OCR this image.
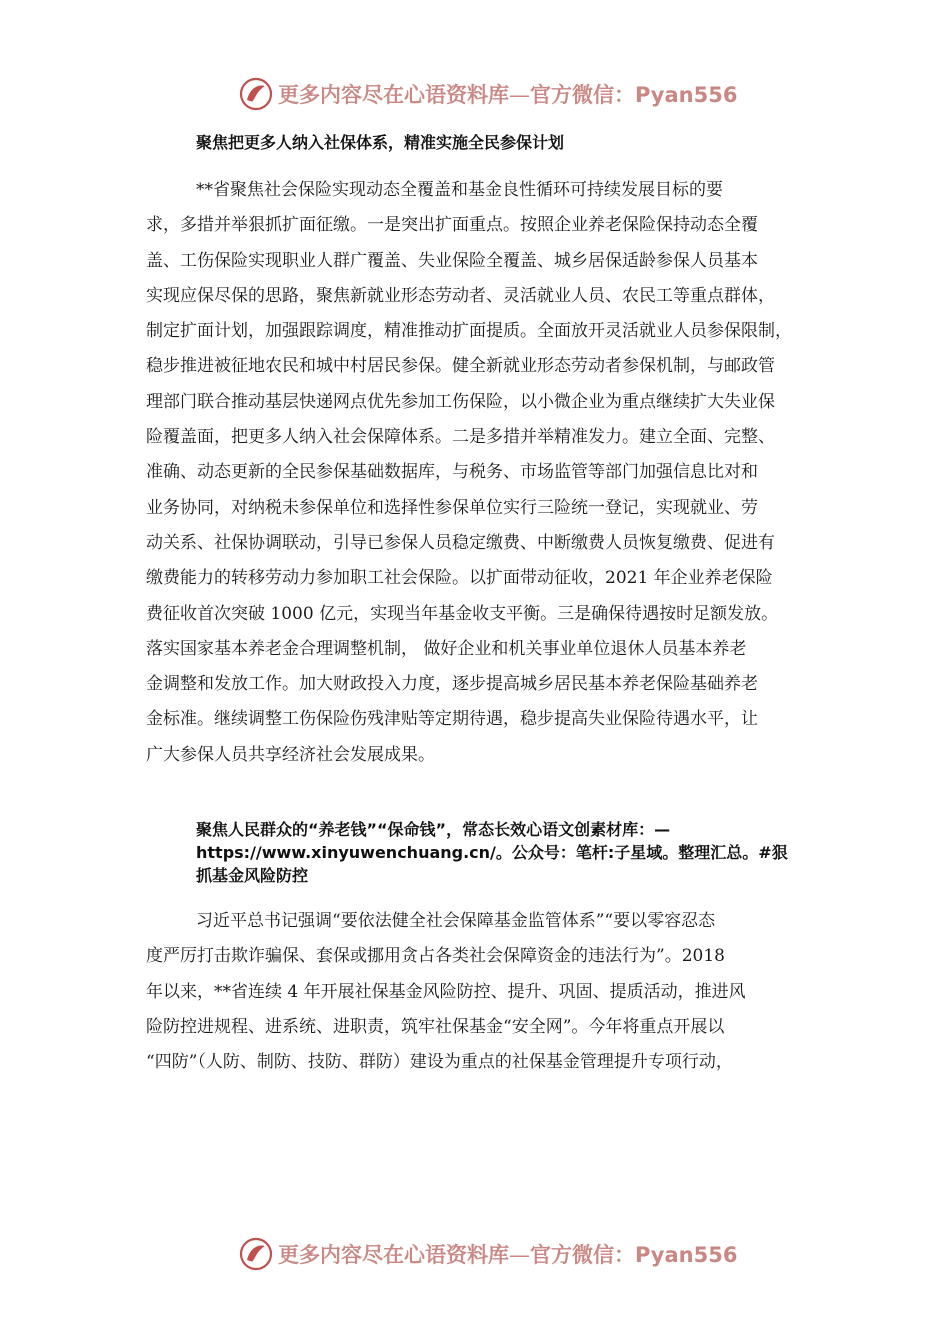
更多内容尽在心语资料库—官方微信：Pyan556
聚焦把更多人纳入社保体系，精准实施全民参保计划
**省聚焦社会保险实现动态全覆盖和基金良性循环可持续发展目标的要
求，多措并举狠抓扩面征缴。一是突出扩面重点。按照企业养老保险保持动态全覆
盖、工伤保险实现职业人群广覆盖、失业保险全覆盖、城乡居保适龄参保人员基本
实现应保尽保的思路，聚焦新就业形态劳动者、灵活就业人员、农民工等重点群体，
制定扩面计划，加强跟踪调度，精准推动扩面提质。全面放开灵活就业人员参保限制，
稳步推进被征地农民和城中村居民参保。健全新就业形态劳动者参保机制，与邮政管
理部门联合推动基层快递网点优先参加工伤保险，以小微企业为重点继续扩大失业保
险覆盖面，把更多人纳入社会保障体系。二是多措并举精准发力。建立全面、完整、
准确、动态更新的全民参保基础数据库，与税务、市场监管等部门加强信息比对和
业务协同，对纳税未参保单位和选择性参保单位实行三险统一登记，实现就业、劳
动关系、社保协调联动，引导已参保人员稳定缴费、中断缴费人员恢复缴费、促进有
缴费能力的转移劳动力参加职工社会保险。以扩面带动征收，2021 年企业养老保险
费征收首次突破 1000 亿元，实现当年基金收支平衡。三是确保待遇按时足额发放。
落实国家基本养老金合理调整机制， 做好企业和机关事业单位退休人员基本养老
金调整和发放工作。加大财政投入力度，逐步提高城乡居民基本养老保险基础养老
金标准。继续调整工伤保险伤残津贴等定期待遇，稳步提高失业保险待遇水平，让
广大参保人员共享经济社会发展成果。
聚焦人民群众的“养老钱”“保命钱”，常态长效心语文创素材库：—
https://www.xinyuwenchuang.cn/。公众号：笔杆:子星域。整理汇总。#狠
抓基金风险防控
习近平总书记强调“要依法健全社会保障基金监管体系”“要以零容忍态
度严厉打击欺诈骗保、套保或挪用贪占各类社会保障资金的违法行为”。2018
年以来，**省连续 4 年开展社保基金风险防控、提升、巩固、提质活动，推进风
险防控进规程、进系统、进职责，筑牢社保基金“安全网”。今年将重点开展以
“四防”（人防、制防、技防、群防）建设为重点的社保基金管理提升专项行动，
更多内容尽在心语资料库—官方微信：Pyan556
